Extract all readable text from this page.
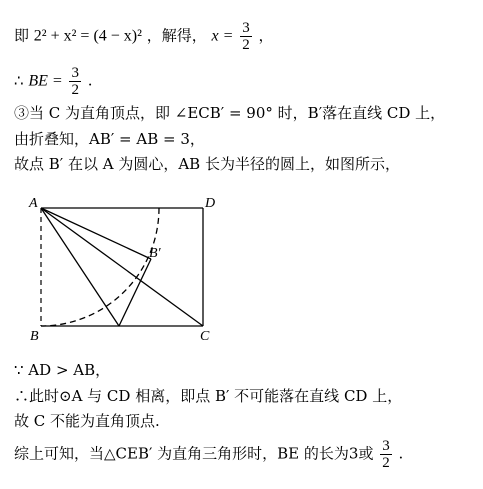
即 2² + x² = (4 − x)² ，解得， $x = \frac{3}{2}$ ，
∴ BE = $\frac{3}{2}$ .
③当 C 为直角顶点，即 ∠ECB′ = 90° 时，B′落在直线 CD 上，
由折叠知，AB′ = AB = 3，
故点 B′ 在以 A 为圆心，AB 长为半径的圆上，如图所示，
A	D
B	C
B′
∵ AD > AB，
∴此时⊙A 与 CD 相离，即点 B′ 不可能落在直线 CD 上，
故 C 不能为直角顶点.
综上可知，当△CEB′ 为直角三角形时，BE 的长为3或 $\frac{3}{2}$ .
